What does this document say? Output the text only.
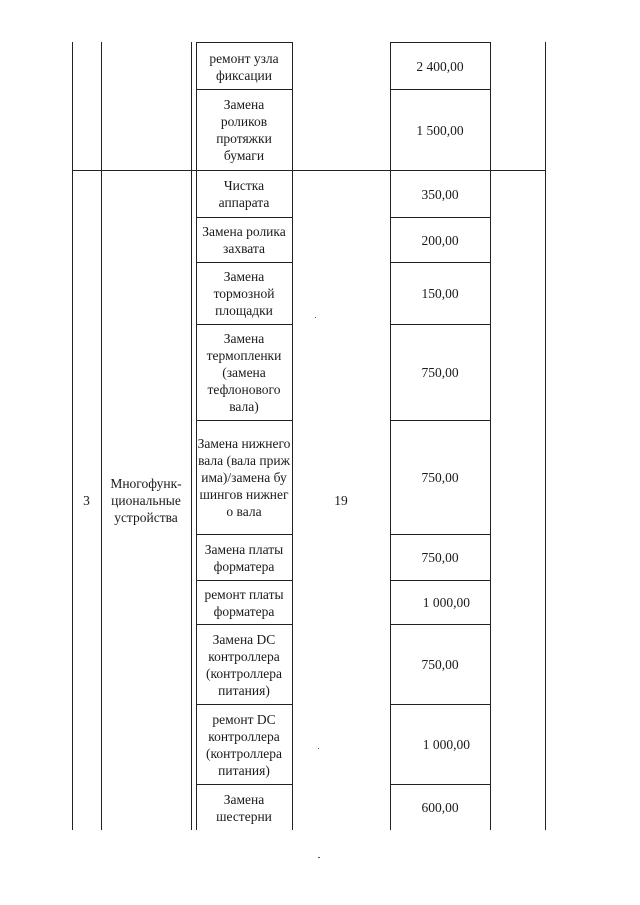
ремонт узла фиксации
2 400,00
Замена роликов протяжки бумаги
1 500,00
3
Многофунк-циональные устройства
19
Чистка аппарата
350,00
Замена ролика захвата
200,00
Замена тормозной площадки
150,00
Замена термопленки (замена тефлонового вала)
750,00
Замена нижнего вала (вала прижима)/замена бушингов нижнего вала
750,00
Замена платы форматера
750,00
ремонт платы форматера
1 000,00
Замена DC контроллера (контроллера питания)
750,00
ремонт DC контроллера (контроллера питания)
1 000,00
Замена шестерни
600,00
